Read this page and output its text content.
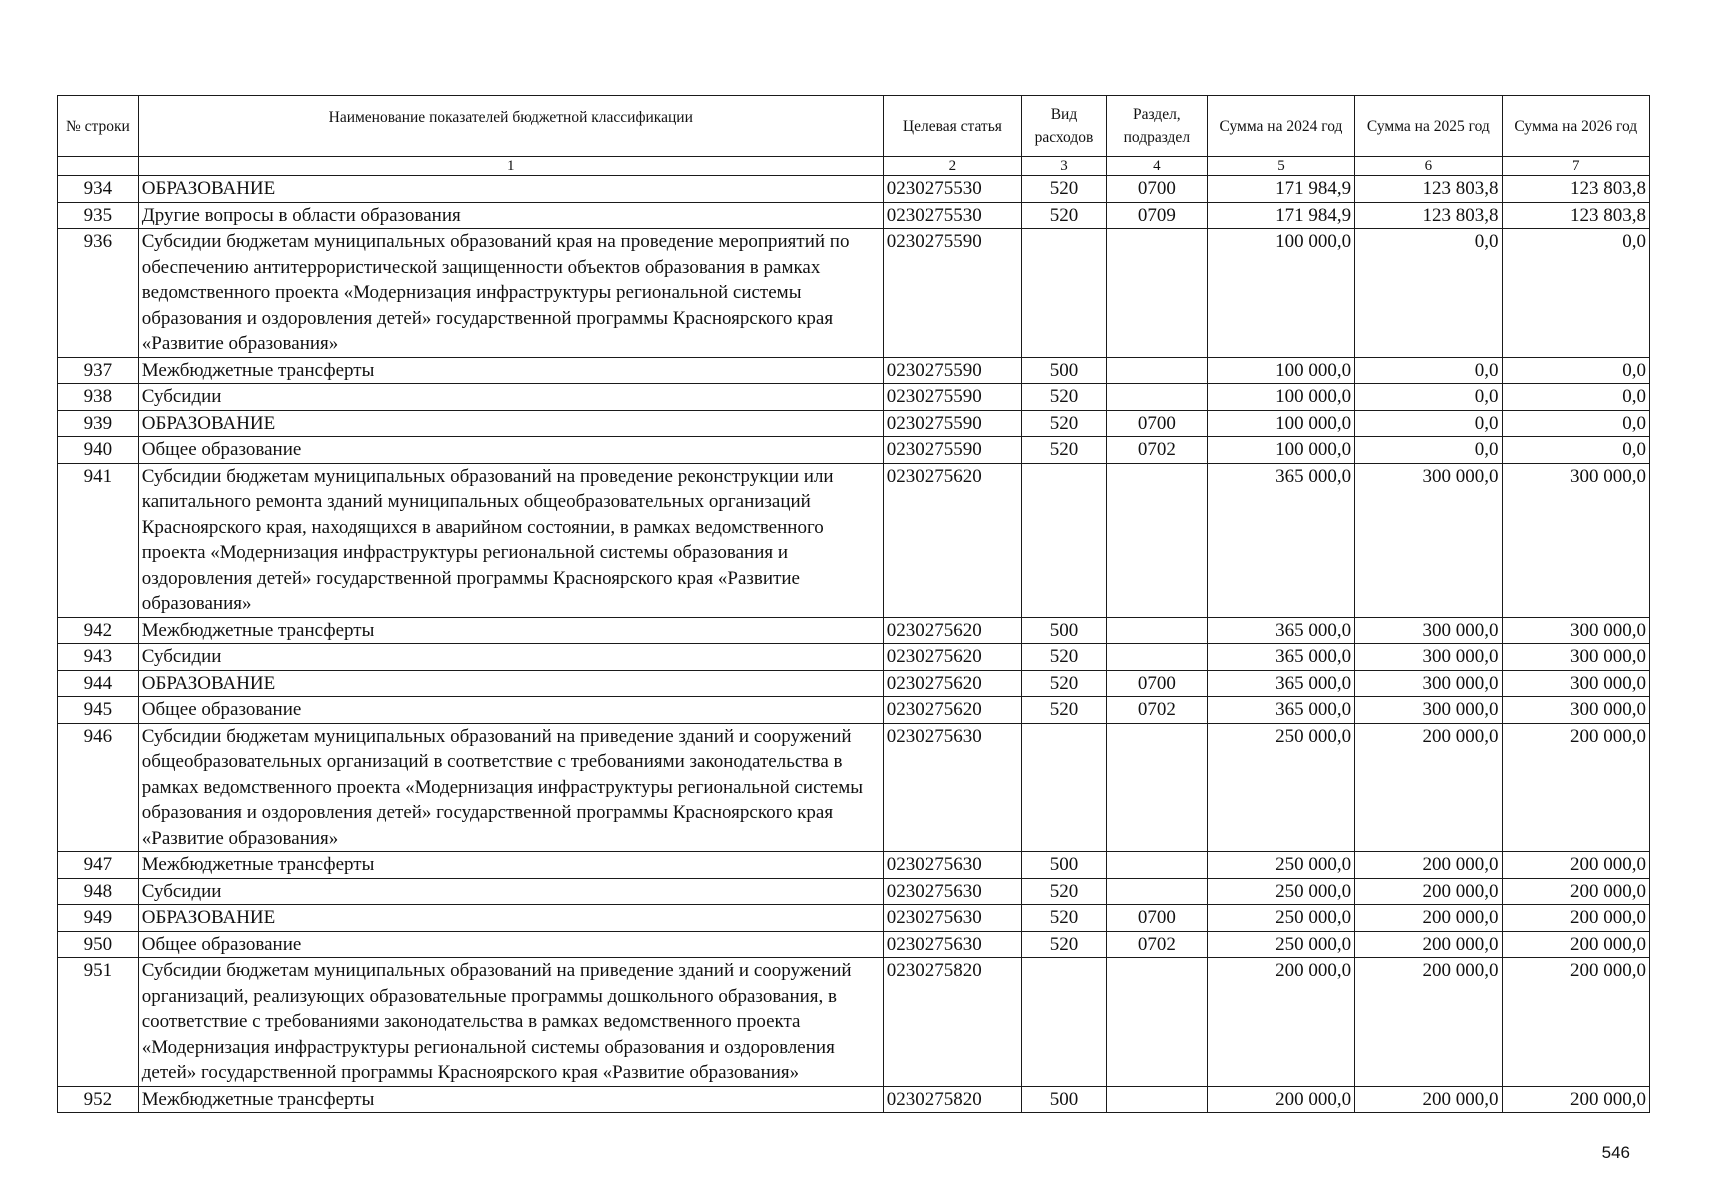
№ строки	Наименование показателей бюджетной классификации	Целевая статья	Вид расходов	Раздел, подраздел	Сумма на 2024 год	Сумма на 2025 год	Сумма на 2026 год
	1	2	3	4	5	6	7
934	ОБРАЗОВАНИЕ	0230275530	520	0700	171 984,9	123 803,8	123 803,8
935	Другие вопросы в области образования	0230275530	520	0709	171 984,9	123 803,8	123 803,8
936	Субсидии бюджетам муниципальных образований края на проведение мероприятий по обеспечению антитеррористической защищенности объектов образования в рамках ведомственного проекта «Модернизация инфраструктуры региональной системы образования и оздоровления детей» государственной программы Красноярского края «Развитие образования»	0230275590			100 000,0	0,0	0,0
937	Межбюджетные трансферты	0230275590	500		100 000,0	0,0	0,0
938	Субсидии	0230275590	520		100 000,0	0,0	0,0
939	ОБРАЗОВАНИЕ	0230275590	520	0700	100 000,0	0,0	0,0
940	Общее образование	0230275590	520	0702	100 000,0	0,0	0,0
941	Субсидии бюджетам муниципальных образований на проведение реконструкции или капитального ремонта зданий муниципальных общеобразовательных организаций Красноярского края, находящихся в аварийном состоянии, в рамках ведомственного проекта «Модернизация инфраструктуры региональной системы образования и оздоровления детей» государственной программы Красноярского края «Развитие образования»	0230275620			365 000,0	300 000,0	300 000,0
942	Межбюджетные трансферты	0230275620	500		365 000,0	300 000,0	300 000,0
943	Субсидии	0230275620	520		365 000,0	300 000,0	300 000,0
944	ОБРАЗОВАНИЕ	0230275620	520	0700	365 000,0	300 000,0	300 000,0
945	Общее образование	0230275620	520	0702	365 000,0	300 000,0	300 000,0
946	Субсидии бюджетам муниципальных образований на приведение зданий и сооружений общеобразовательных организаций в соответствие с требованиями законодательства в рамках ведомственного проекта «Модернизация инфраструктуры региональной системы образования и оздоровления детей» государственной программы Красноярского края «Развитие образования»	0230275630			250 000,0	200 000,0	200 000,0
947	Межбюджетные трансферты	0230275630	500		250 000,0	200 000,0	200 000,0
948	Субсидии	0230275630	520		250 000,0	200 000,0	200 000,0
949	ОБРАЗОВАНИЕ	0230275630	520	0700	250 000,0	200 000,0	200 000,0
950	Общее образование	0230275630	520	0702	250 000,0	200 000,0	200 000,0
951	Субсидии бюджетам муниципальных образований на приведение зданий и сооружений организаций, реализующих образовательные программы дошкольного образования, в соответствие с требованиями законодательства в рамках ведомственного проекта «Модернизация инфраструктуры региональной системы образования и оздоровления детей» государственной программы Красноярского края «Развитие образования»	0230275820			200 000,0	200 000,0	200 000,0
952	Межбюджетные трансферты	0230275820	500		200 000,0	200 000,0	200 000,0
546
